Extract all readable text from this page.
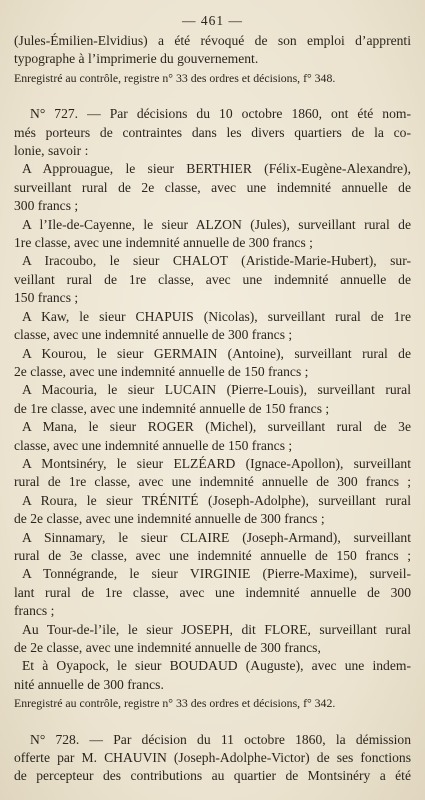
— 461 —
(Jules-Émilien-Elvidius) a été révoqué de son emploi d’apprenti
typographe à l’imprimerie du gouvernement.
Enregistré au contrôle, registre n° 33 des ordres et décisions, f° 348.
N° 727. — Par décisions du 10 octobre 1860, ont été nom-
més porteurs de contraintes dans les divers quartiers de la co-
lonie, savoir :
A Approuague, le sieur BERTHIER (Félix-Eugène-Alexandre),
surveillant rural de 2e classe, avec une indemnité annuelle de
300 francs ;
A l’Ile-de-Cayenne, le sieur ALZON (Jules), surveillant rural de
1re classe, avec une indemnité annuelle de 300 francs ;
A Iracoubo, le sieur CHALOT (Aristide-Marie-Hubert), sur-
veillant rural de 1re classe, avec une indemnité annuelle de
150 francs ;
A Kaw, le sieur CHAPUIS (Nicolas), surveillant rural de 1re
classe, avec une indemnité annuelle de 300 francs ;
A Kourou, le sieur GERMAIN (Antoine), surveillant rural de
2e classe, avec une indemnité annuelle de 150 francs ;
A Macouria, le sieur LUCAIN (Pierre-Louis), surveillant rural
de 1re classe, avec une indemnité annuelle de 150 francs ;
A Mana, le sieur ROGER (Michel), surveillant rural de 3e
classe, avec une indemnité annuelle de 150 francs ;
A Montsinéry, le sieur ELZÉARD (Ignace-Apollon), surveillant
rural de 1re classe, avec une indemnité annuelle de 300 francs ;
A Roura, le sieur TRÉNITÉ (Joseph-Adolphe), surveillant rural
de 2e classe, avec une indemnité annuelle de 300 francs ;
A Sinnamary, le sieur CLAIRE (Joseph-Armand), surveillant
rural de 3e classe, avec une indemnité annuelle de 150 francs ;
A Tonnégrande, le sieur VIRGINIE (Pierre-Maxime), surveil-
lant rural de 1re classe, avec une indemnité annuelle de 300
francs ;
Au Tour-de-l’ile, le sieur JOSEPH, dit FLORE, surveillant rural
de 2e classe, avec une indemnité annuelle de 300 francs,
Et à Oyapock, le sieur BOUDAUD (Auguste), avec une indem-
nité annuelle de 300 francs.
Enregistré au contrôle, registre n° 33 des ordres et décisions, f° 342.
N° 728. — Par décision du 11 octobre 1860, la démission
offerte par M. CHAUVIN (Joseph-Adolphe-Victor) de ses fonctions
de percepteur des contributions au quartier de Montsinéry a été
